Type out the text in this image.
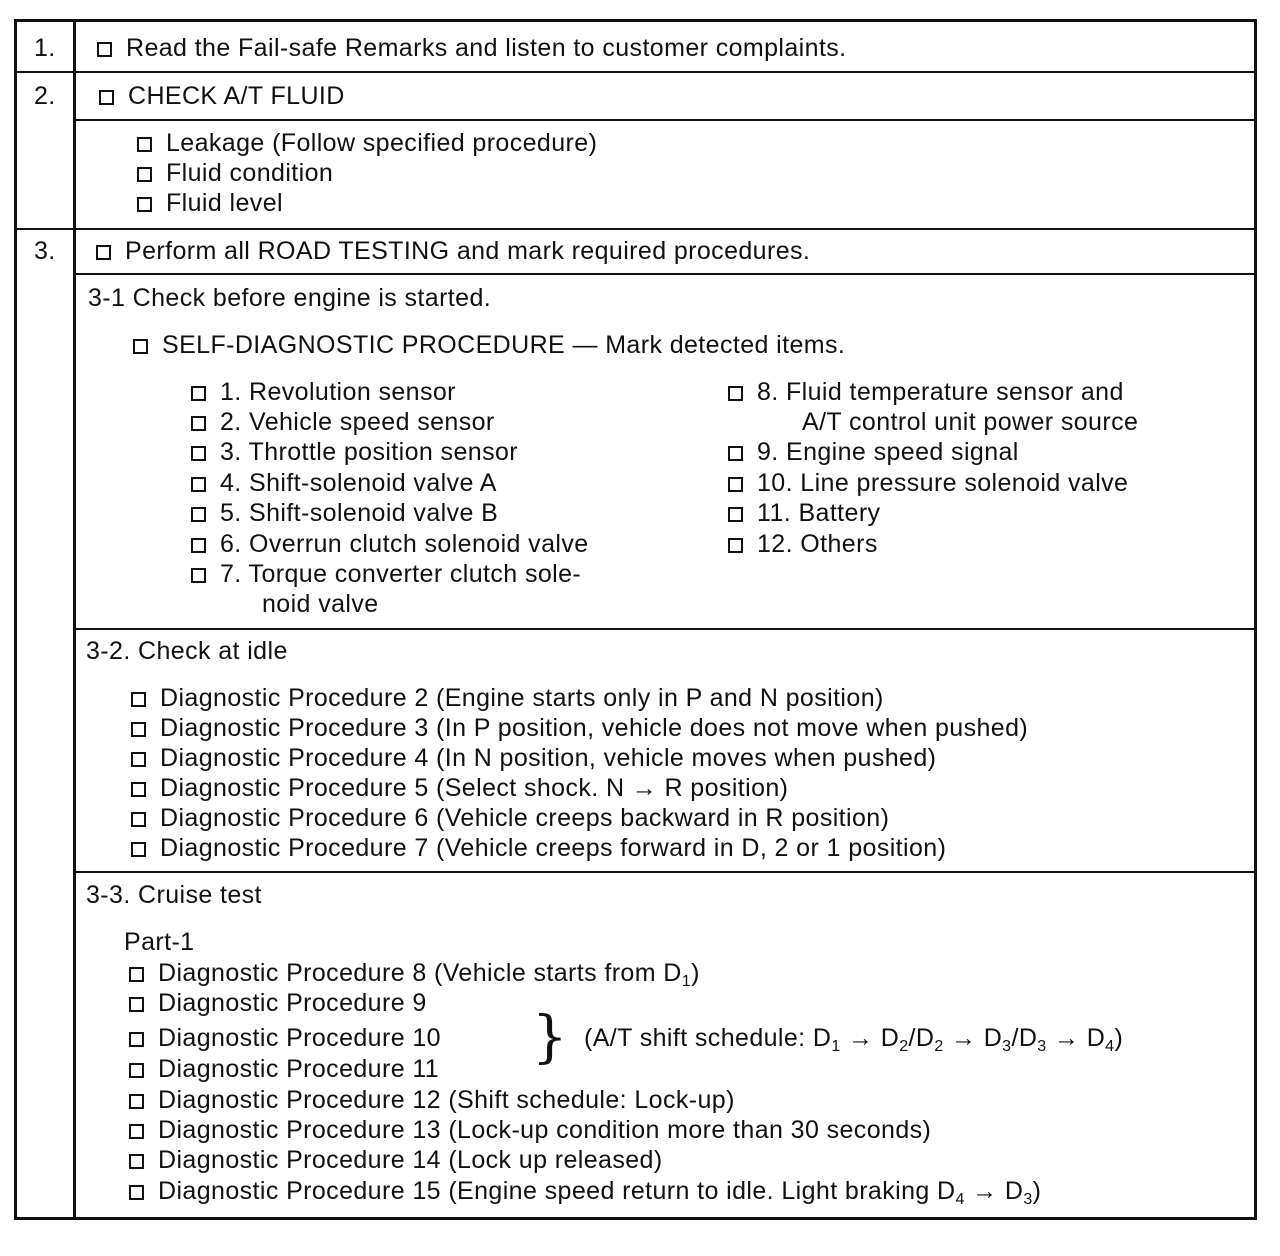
1.	Read the Fail-safe Remarks and listen to customer complaints.
2.	CHECK A/T FLUID
Leakage (Follow specified procedure)
Fluid condition
Fluid level
3.	Perform all ROAD TESTING and mark required procedures.
3-1 Check before engine is started.
SELF-DIAGNOSTIC PROCEDURE — Mark detected items.
1. Revolution sensor
2. Vehicle speed sensor
3. Throttle position sensor
4. Shift-solenoid valve A
5. Shift-solenoid valve B
6. Overrun clutch solenoid valve
7. Torque converter clutch sole-
noid valve
8. Fluid temperature sensor and
A/T control unit power source
9. Engine speed signal
10. Line pressure solenoid valve
11. Battery
12. Others
3-2. Check at idle
Diagnostic Procedure 2 (Engine starts only in P and N position)
Diagnostic Procedure 3 (In P position, vehicle does not move when pushed)
Diagnostic Procedure 4 (In N position, vehicle moves when pushed)
Diagnostic Procedure 5 (Select shock. N → R position)
Diagnostic Procedure 6 (Vehicle creeps backward in R position)
Diagnostic Procedure 7 (Vehicle creeps forward in D, 2 or 1 position)
3-3. Cruise test
Part-1
Diagnostic Procedure 8 (Vehicle starts from $D_1$)
Diagnostic Procedure 9
Diagnostic Procedure 10
Diagnostic Procedure 11 } (A/T shift schedule: $D_1 \to D_2/D_2 \to D_3/D_3 \to D_4$)
Diagnostic Procedure 12 (Shift schedule: Lock-up)
Diagnostic Procedure 13 (Lock-up condition more than 30 seconds)
Diagnostic Procedure 14 (Lock up released)
Diagnostic Procedure 15 (Engine speed return to idle. Light braking $D_4 \to D_3$)
